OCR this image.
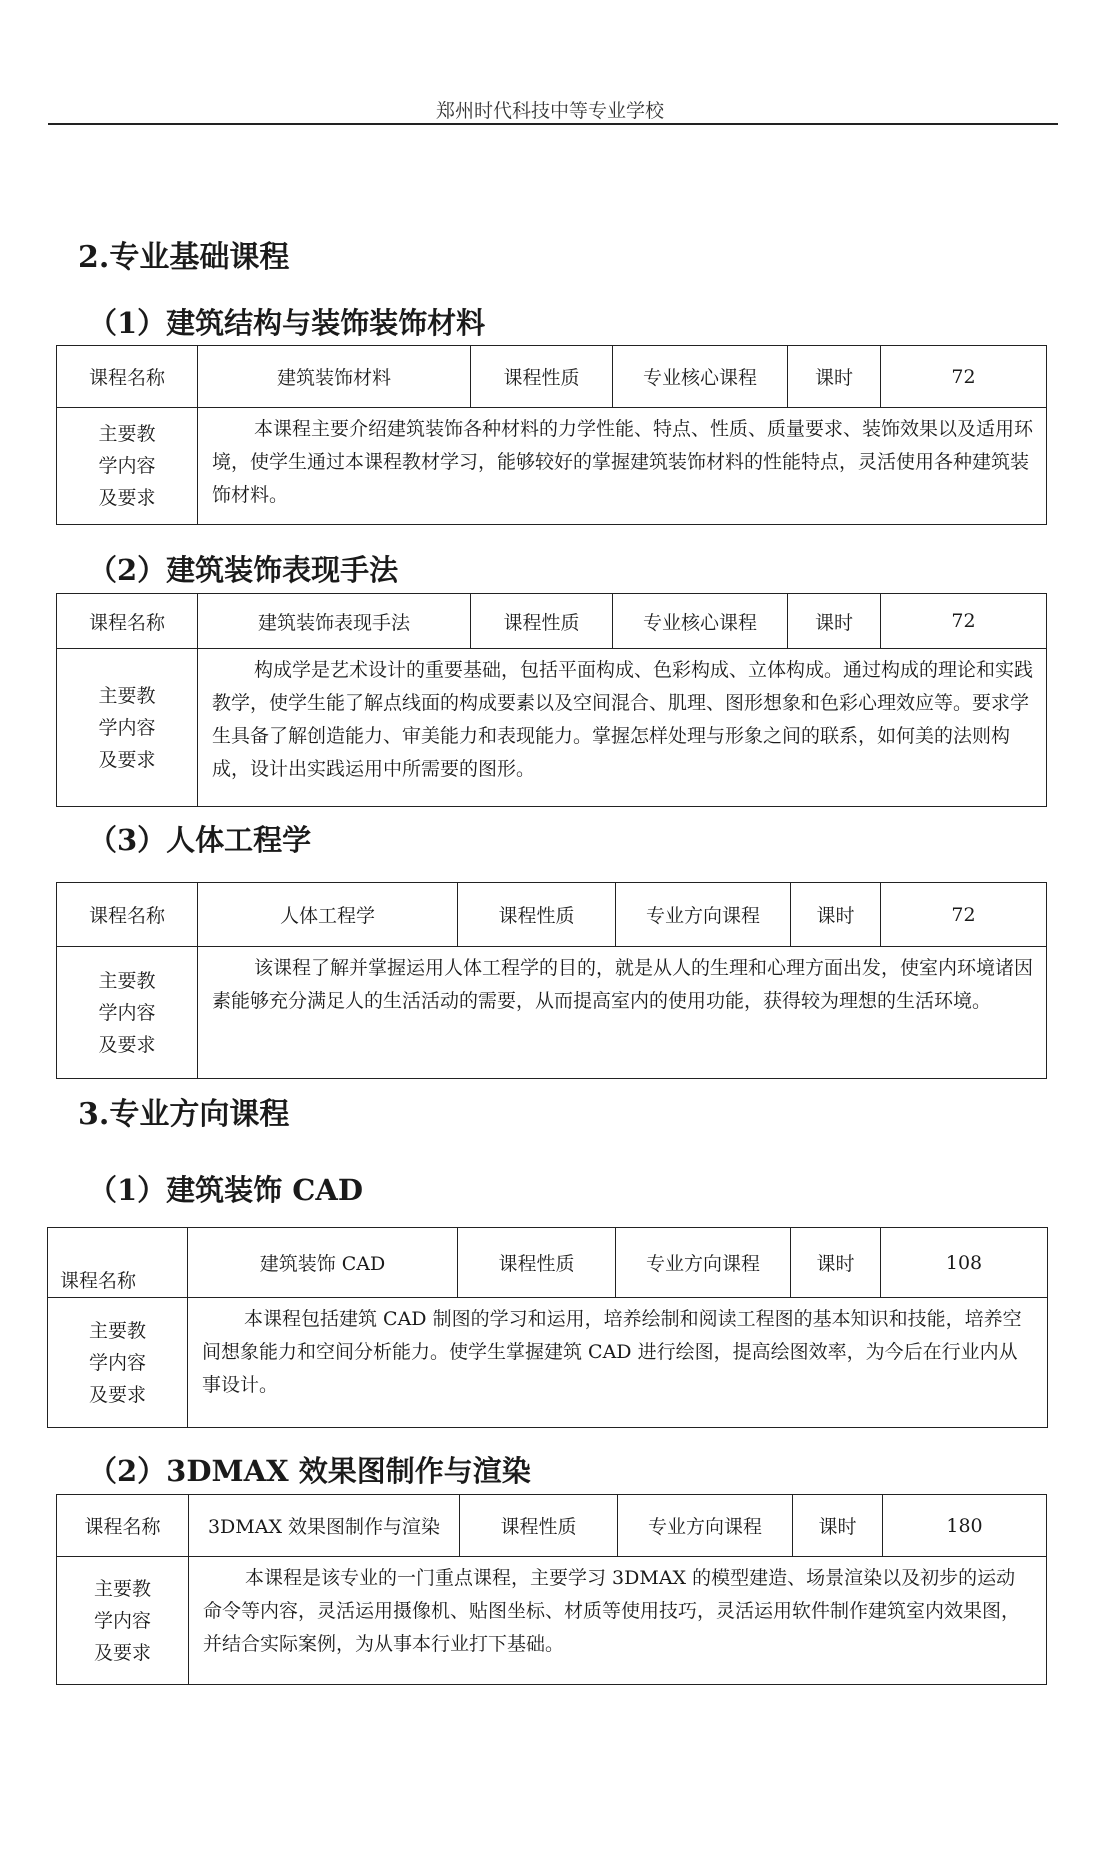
郑州时代科技中等专业学校
2.专业基础课程
（1）建筑结构与装饰装饰材料
课程名称	建筑装饰材料	课程性质	专业核心课程	课时	72

主要教
学内容
及要求	本课程主要介绍建筑装饰各种材料的力学性能、特点、性质、质量要求、装饰效果以及适用环境，使学生通过本课程教材学习，能够较好的掌握建筑装饰材料的性能特点，灵活使用各种建筑装饰材料。				
（2）建筑装饰表现手法
课程名称	建筑装饰表现手法	课程性质	专业核心课程	课时	72

主要教
学内容
及要求	构成学是艺术设计的重要基础，包括平面构成、色彩构成、立体构成。通过构成的理论和实践教学，使学生能了解点线面的构成要素以及空间混合、肌理、图形想象和色彩心理效应等。要求学生具备了解创造能力、审美能力和表现能力。掌握怎样处理与形象之间的联系，如何美的法则构成，设计出实践运用中所需要的图形。				
（3）人体工程学
课程名称	人体工程学	课程性质	专业方向课程	课时	72

主要教
学内容
及要求	该课程了解并掌握运用人体工程学的目的，就是从人的生理和心理方面出发，使室内环境诸因素能够充分满足人的生活活动的需要，从而提高室内的使用功能，获得较为理想的生活环境。				
3.专业方向课程
（1）建筑装饰 CAD
课程名称	建筑装饰 CAD	课程性质	专业方向课程	课时	108

主要教
学内容
及要求	本课程包括建筑 CAD 制图的学习和运用，培养绘制和阅读工程图的基本知识和技能，培养空间想象能力和空间分析能力。使学生掌握建筑 CAD 进行绘图，提高绘图效率，为今后在行业内从事设计。				
（2）3DMAX 效果图制作与渲染
课程名称	3DMAX 效果图制作与渲染	课程性质	专业方向课程	课时	180

主要教
学内容
及要求	本课程是该专业的一门重点课程，主要学习 3DMAX 的模型建造、场景渲染以及初步的运动命令等内容，灵活运用摄像机、贴图坐标、材质等使用技巧，灵活运用软件制作建筑室内效果图，并结合实际案例，为从事本行业打下基础。				
